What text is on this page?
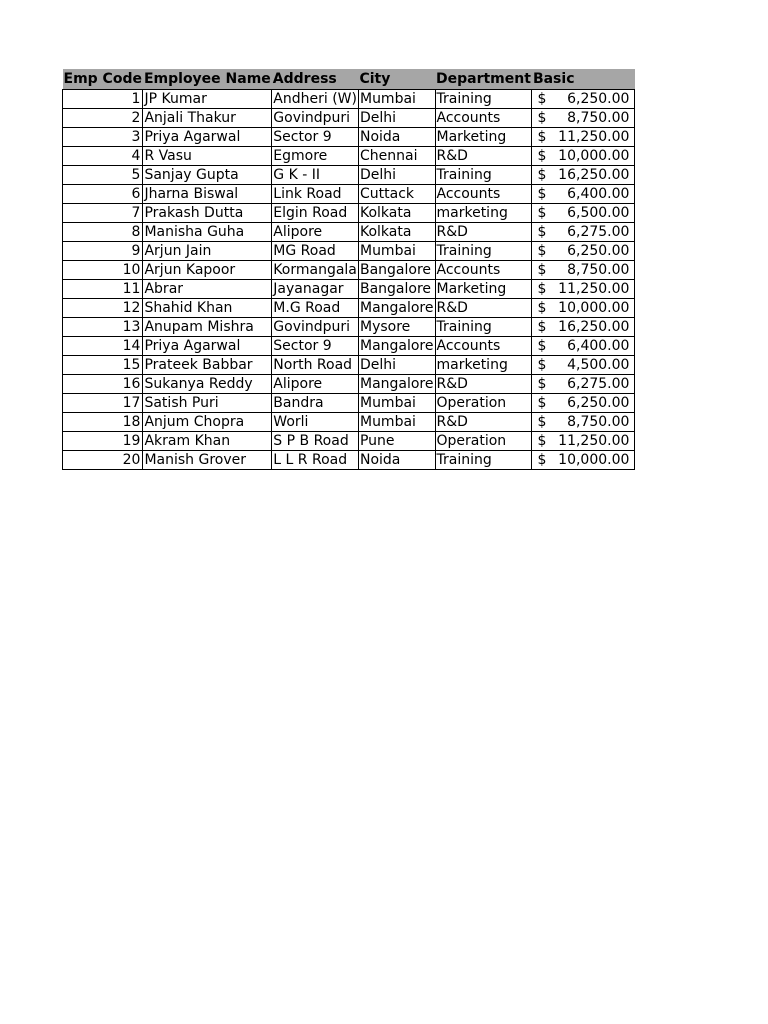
Emp Code	Employee Name	Address	City	Department	Basic
1	JP Kumar	Andheri (W)	Mumbai	Training	$ 6,250.00

2	Anjali Thakur	Govindpuri	Delhi	Accounts	$ 8,750.00

3	Priya Agarwal	Sector 9	Noida	Marketing	$ 11,250.00

4	R Vasu	Egmore	Chennai	R&D	$ 10,000.00

5	Sanjay Gupta	G K - II	Delhi	Training	$ 16,250.00

6	Jharna Biswal	Link Road	Cuttack	Accounts	$ 6,400.00

7	Prakash Dutta	Elgin Road	Kolkata	marketing	$ 6,500.00

8	Manisha Guha	Alipore	Kolkata	R&D	$ 6,275.00

9	Arjun Jain	MG Road	Mumbai	Training	$ 6,250.00

10	Arjun Kapoor	Kormangala	Bangalore	Accounts	$ 8,750.00

11	Abrar	Jayanagar	Bangalore	Marketing	$ 11,250.00

12	Shahid Khan	M.G Road	Mangalore	R&D	$ 10,000.00

13	Anupam Mishra	Govindpuri	Mysore	Training	$ 16,250.00

14	Priya Agarwal	Sector 9	Mangalore	Accounts	$ 6,400.00

15	Prateek Babbar	North Road	Delhi	marketing	$ 4,500.00

16	Sukanya Reddy	Alipore	Mangalore	R&D	$ 6,275.00

17	Satish Puri	Bandra	Mumbai	Operation	$ 6,250.00

18	Anjum Chopra	Worli	Mumbai	R&D	$ 8,750.00

19	Akram Khan	S P B Road	Pune	Operation	$ 11,250.00

20	Manish Grover	L L R Road	Noida	Training	$ 10,000.00
